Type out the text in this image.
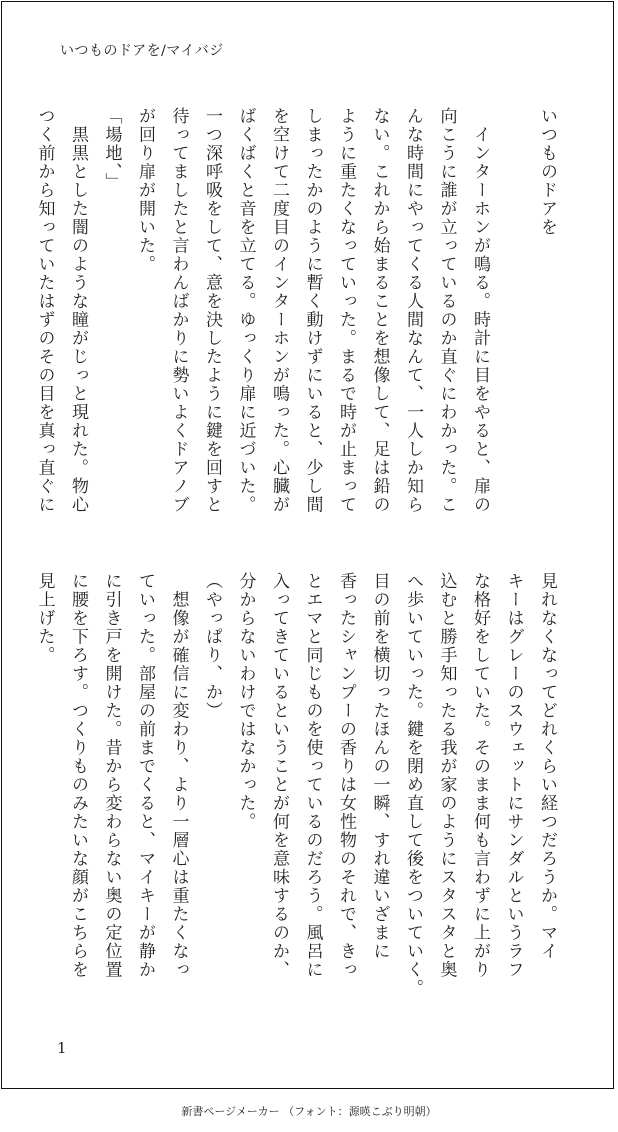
いつものドアを/マイバジ
いつものドアを

　インターホンが鳴る。時計に目をやると、扉の
向こうに誰が立っているのか直ぐにわかった。こ
んな時間にやってくる人間なんて、一人しか知ら
ない。これから始まることを想像して、足は鉛の
ように重たくなっていった。まるで時が止まって
しまったかのように暫く動けずにいると、少し間
を空けて二度目のインターホンが鳴った。心臓が
ばくばくと音を立てる。ゆっくり扉に近づいた。
一つ深呼吸をして、意を決したように鍵を回すと
待ってましたと言わんばかりに勢いよくドアノブ
が回り扉が開いた。
「場地、」
　黒黒とした闇のような瞳がじっと現れた。物心
つく前から知っていたはずのその目を真っ直ぐに
見れなくなってどれくらい経つだろうか。マイ
キーはグレーのスウェットにサンダルというラフ
な格好をしていた。そのまま何も言わずに上がり
込むと勝手知ったる我が家のようにスタスタと奥
へ歩いていった。鍵を閉め直して後をついていく。
目の前を横切ったほんの一瞬、すれ違いざまに
香ったシャンプーの香りは女性物のそれで、きっ
とエマと同じものを使っているのだろう。風呂に
入ってきているということが何を意味するのか、
分からないわけではなかった。
（やっぱり、か）
　想像が確信に変わり、より一層心は重たくなっ
ていった。部屋の前までくると、マイキーが静か
に引き戸を開けた。昔から変わらない奥の定位置
に腰を下ろす。つくりものみたいな顔がこちらを
見上げた。
1
新書ページメーカー （フォント：源暎こぶり明朝）
